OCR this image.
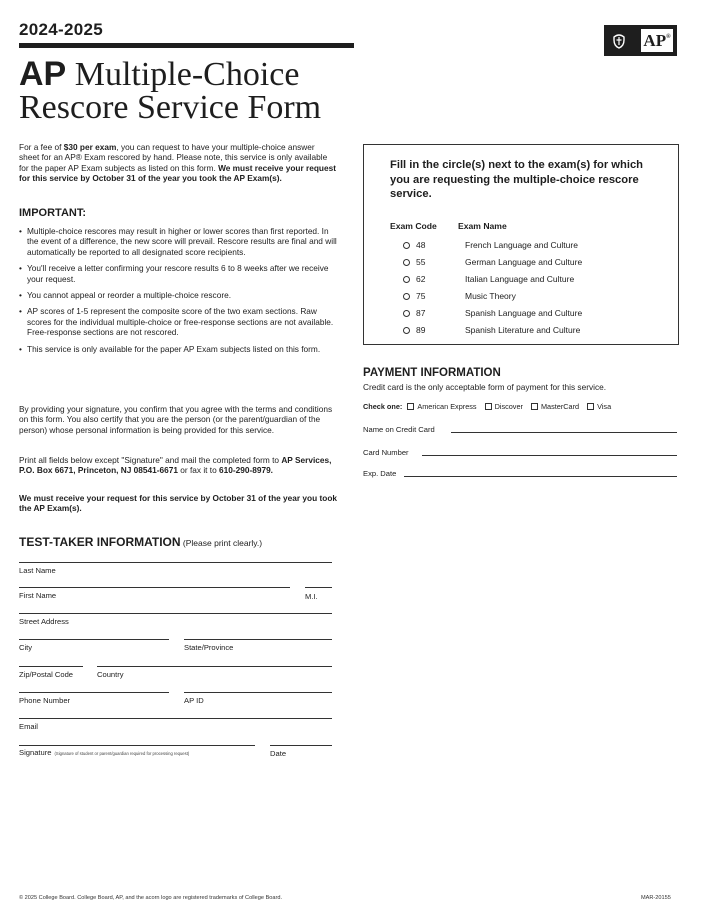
2024-2025
AP®
AP Multiple-Choice
Rescore Service Form
For a fee of $30 per exam, you can request to have your multiple-choice answer sheet for an AP® Exam rescored by hand. Please note, this service is only available for the paper AP Exam subjects as listed on this form. We must receive your request for this service by October 31 of the year you took the AP Exam(s).
IMPORTANT:
• Multiple-choice rescores may result in higher or lower scores than first reported. In the event of a difference, the new score will prevail. Rescore results are final and will automatically be reported to all designated score recipients.
• You'll receive a letter confirming your rescore results 6 to 8 weeks after we receive your request.
• You cannot appeal or reorder a multiple-choice rescore.
• AP scores of 1-5 represent the composite score of the two exam sections. Raw scores for the individual multiple-choice or free-response sections are not available. Free-response sections are not rescored.
• This service is only available for the paper AP Exam subjects listed on this form.
By providing your signature, you confirm that you agree with the terms and conditions on this form. You also certify that you are the person (or the parent/guardian of the person) whose personal information is being provided for this service.
Print all fields below except "Signature" and mail the completed form to AP Services, P.O. Box 6671, Princeton, NJ 08541-6671 or fax it to 610-290-8979.
We must receive your request for this service by October 31 of the year you took the AP Exam(s).
TEST-TAKER INFORMATION (Please print clearly.)
Last Name
First Name	M.I.
Street Address
City	State/Province
Zip/Postal Code	Country
Phone Number	AP ID
Email
Signature (Signature of student or parent/guardian required for processing request)	Date
Fill in the circle(s) next to the exam(s) for which you are requesting the multiple-choice rescore service.
Exam Code Exam Name
48	French Language and Culture
55	German Language and Culture
62	Italian Language and Culture
75	Music Theory
87	Spanish Language and Culture
89	Spanish Literature and Culture
PAYMENT INFORMATION
Credit card is the only acceptable form of payment for this service.
Check one: American Express Discover MasterCard Visa
Name on Credit Card
Card Number
Exp. Date
© 2025 College Board. College Board, AP, and the acorn logo are registered trademarks of College Board.	MAR-20155
